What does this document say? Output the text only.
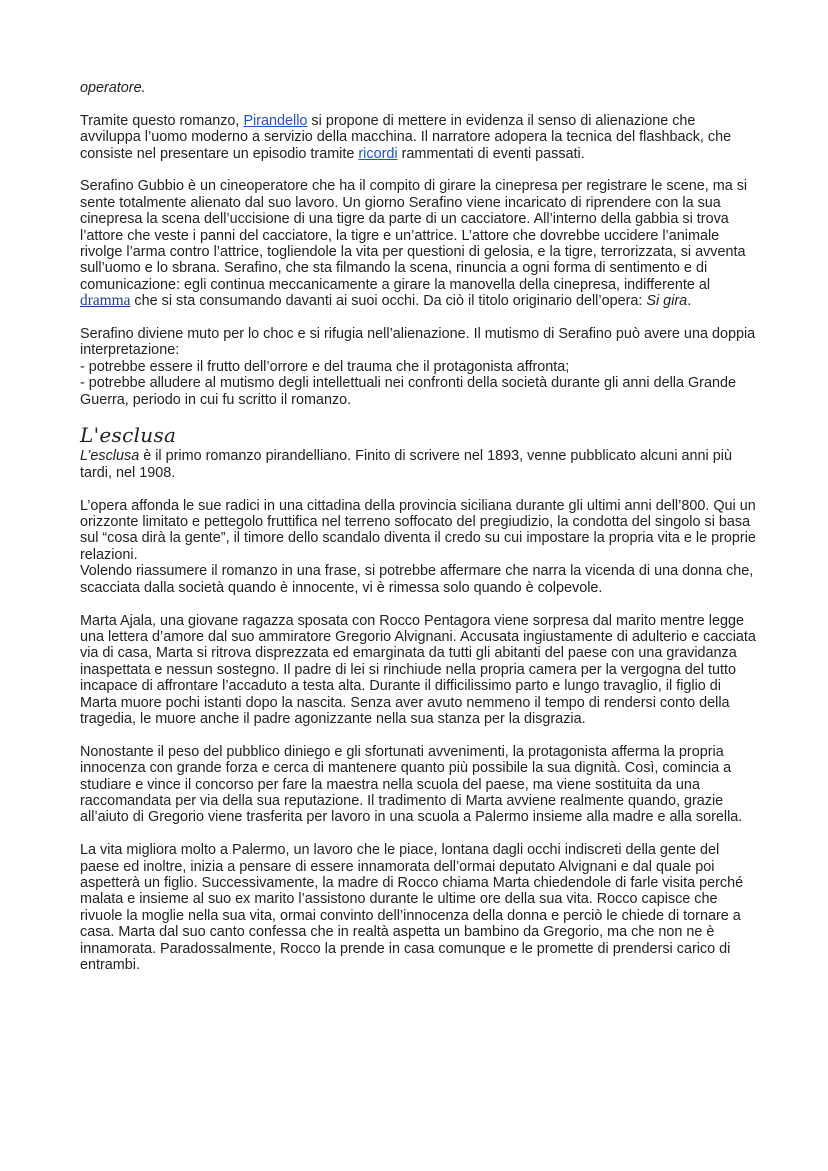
operatore.

Tramite questo romanzo, Pirandello si propone di mettere in evidenza il senso di alienazione che avviluppa l’uomo moderno a servizio della macchina. Il narratore adopera la tecnica del flashback, che consiste nel presentare un episodio tramite ricordi rammentati di eventi passati.

Serafino Gubbio è un cineoperatore che ha il compito di girare la cinepresa per registrare le scene, ma si sente totalmente alienato dal suo lavoro. Un giorno Serafino viene incaricato di riprendere con la sua cinepresa la scena dell’uccisione di una tigre da parte di un cacciatore. All’interno della gabbia si trova l’attore che veste i panni del cacciatore, la tigre e un’attrice. L’attore che dovrebbe uccidere l’animale rivolge l’arma contro l’attrice, togliendole la vita per questioni di gelosia, e la tigre, terrorizzata, si avventa sull’uomo e lo sbrana. Serafino, che sta filmando la scena, rinuncia a ogni forma di sentimento e di comunicazione: egli continua meccanicamente a girare la manovella della cinepresa, indifferente al dramma che si sta consumando davanti ai suoi occhi. Da ciò il titolo originario dell’opera: Si gira.

Serafino diviene muto per lo choc e si rifugia nell’alienazione. Il mutismo di Serafino può avere una doppia interpretazione:

- potrebbe essere il frutto dell’orrore e del trauma che il protagonista affronta;

- potrebbe alludere al mutismo degli intellettuali nei confronti della società durante gli anni della Grande Guerra, periodo in cui fu scritto il romanzo.

L'esclusa

L’esclusa è il primo romanzo pirandelliano. Finito di scrivere nel 1893, venne pubblicato alcuni anni più tardi, nel 1908.

L’opera affonda le sue radici in una cittadina della provincia siciliana durante gli ultimi anni dell’800. Qui un orizzonte limitato e pettegolo fruttifica nel terreno soffocato del pregiudizio, la condotta del singolo si basa sul “cosa dirà la gente”, il timore dello scandalo diventa il credo su cui impostare la propria vita e le proprie relazioni.

Volendo riassumere il romanzo in una frase, si potrebbe affermare che narra la vicenda di una donna che, scacciata dalla società quando è innocente, vi è rimessa solo quando è colpevole.

Marta Ajala, una giovane ragazza sposata con Rocco Pentagora viene sorpresa dal marito mentre legge una lettera d’amore dal suo ammiratore Gregorio Alvignani. Accusata ingiustamente di adulterio e cacciata via di casa, Marta si ritrova disprezzata ed emarginata da tutti gli abitanti del paese con una gravidanza inaspettata e nessun sostegno. Il padre di lei si rinchiude nella propria camera per la vergogna del tutto incapace di affrontare l’accaduto a testa alta. Durante il difficilissimo parto e lungo travaglio, il figlio di Marta muore pochi istanti dopo la nascita. Senza aver avuto nemmeno il tempo di rendersi conto della tragedia, le muore anche il padre agonizzante nella sua stanza per la disgrazia.

Nonostante il peso del pubblico diniego e gli sfortunati avvenimenti, la protagonista afferma la propria innocenza con grande forza e cerca di mantenere quanto più possibile la sua dignità. Così, comincia a studiare e vince il concorso per fare la maestra nella scuola del paese, ma viene sostituita da una raccomandata per via della sua reputazione. Il tradimento di Marta avviene realmente quando, grazie all’aiuto di Gregorio viene trasferita per lavoro in una scuola a Palermo insieme alla madre e alla sorella.

La vita migliora molto a Palermo, un lavoro che le piace, lontana dagli occhi indiscreti della gente del paese ed inoltre, inizia a pensare di essere innamorata dell’ormai deputato Alvignani e dal quale poi aspetterà un figlio. Successivamente, la madre di Rocco chiama Marta chiedendole di farle visita perché malata e insieme al suo ex marito l’assistono durante le ultime ore della sua vita. Rocco capisce che rivuole la moglie nella sua vita, ormai convinto dell’innocenza della donna e perciò le chiede di tornare a casa. Marta dal suo canto confessa che in realtà aspetta un bambino da Gregorio, ma che non ne è innamorata. Paradossalmente, Rocco la prende in casa comunque e le promette di prendersi carico di entrambi.
